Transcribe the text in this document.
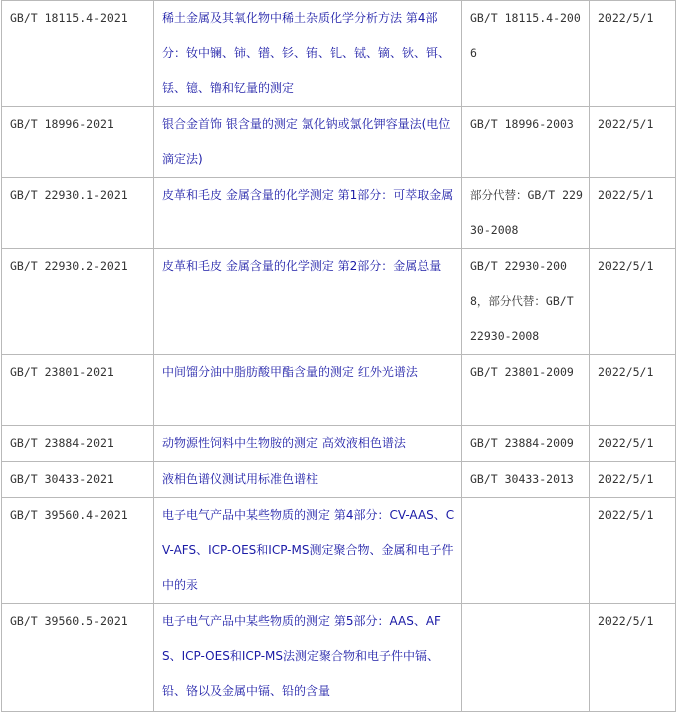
GB/T 18115.4-2021	稀土金属及其氧化物中稀土杂质化学分析方法 第4部分：钕中镧、铈、镨、钐、铕、钆、铽、镝、钬、铒、铥、镱、镥和钇量的测定	GB/T 18115.4-2006	2022/5/1
GB/T 18996-2021	银合金首饰 银含量的测定 氯化钠或氯化钾容量法(电位滴定法)	GB/T 18996-2003	2022/5/1
GB/T 22930.1-2021	皮革和毛皮 金属含量的化学测定 第1部分：可萃取金属	部分代替：GB/T 22930-2008	2022/5/1
GB/T 22930.2-2021	皮革和毛皮 金属含量的化学测定 第2部分：金属总量	GB/T 22930-2008，部分代替：GB/T 22930-2008	2022/5/1
GB/T 23801-2021	中间馏分油中脂肪酸甲酯含量的测定 红外光谱法	GB/T 23801-2009	2022/5/1
GB/T 23884-2021	动物源性饲料中生物胺的测定 高效液相色谱法	GB/T 23884-2009	2022/5/1
GB/T 30433-2021	液相色谱仪测试用标准色谱柱	GB/T 30433-2013	2022/5/1
GB/T 39560.4-2021	电子电气产品中某些物质的测定 第4部分：CV-AAS、CV-AFS、ICP-OES和ICP-MS测定聚合物、金属和电子件中的汞		2022/5/1
GB/T 39560.5-2021	电子电气产品中某些物质的测定 第5部分：AAS、AFS、ICP-OES和ICP-MS法测定聚合物和电子件中镉、铅、铬以及金属中镉、铅的含量		2022/5/1
